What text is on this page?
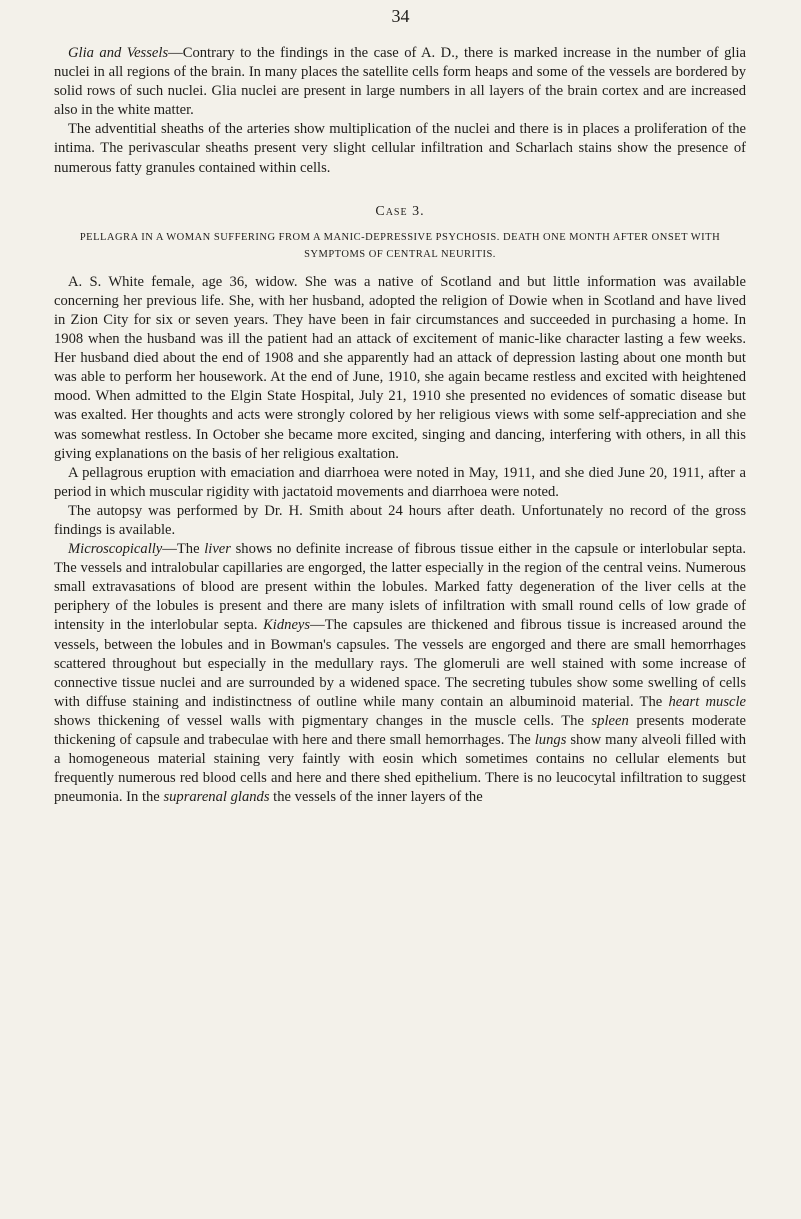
34

Glia and Vessels—Contrary to the findings in the case of A. D., there is marked increase in the number of glia nuclei in all regions of the brain. In many places the satellite cells form heaps and some of the vessels are bordered by solid rows of such nuclei. Glia nuclei are present in large numbers in all layers of the brain cortex and are increased also in the white matter.

The adventitial sheaths of the arteries show multiplication of the nuclei and there is in places a proliferation of the intima. The perivascular sheaths present very slight cellular infiltration and Scharlach stains show the presence of numerous fatty granules contained within cells.

Case 3.
PELLAGRA IN A WOMAN SUFFERING FROM A MANIC-DEPRESSIVE PSYCHOSIS. DEATH ONE MONTH AFTER ONSET WITH SYMPTOMS OF CENTRAL NEURITIS.

A. S. White female, age 36, widow. She was a native of Scotland and but little information was available concerning her previous life. She, with her husband, adopted the religion of Dowie when in Scotland and have lived in Zion City for six or seven years. They have been in fair circumstances and succeeded in purchasing a home. In 1908 when the husband was ill the patient had an attack of excitement of manic-like character lasting a few weeks. Her husband died about the end of 1908 and she apparently had an attack of depression lasting about one month but was able to perform her housework. At the end of June, 1910, she again became restless and excited with heightened mood. When admitted to the Elgin State Hospital, July 21, 1910 she presented no evidences of somatic disease but was exalted. Her thoughts and acts were strongly colored by her religious views with some self-appreciation and she was somewhat restless. In October she became more excited, singing and dancing, interfering with others, in all this giving explanations on the basis of her religious exaltation.

A pellagrous eruption with emaciation and diarrhoea were noted in May, 1911, and she died June 20, 1911, after a period in which muscular rigidity with jactatoid movements and diarrhoea were noted.

The autopsy was performed by Dr. H. Smith about 24 hours after death. Unfortunately no record of the gross findings is available.

Microscopically—The liver shows no definite increase of fibrous tissue either in the capsule or interlobular septa. The vessels and intralobular capillaries are engorged, the latter especially in the region of the central veins. Numerous small extravasations of blood are present within the lobules. Marked fatty degeneration of the liver cells at the periphery of the lobules is present and there are many islets of infiltration with small round cells of low grade of intensity in the interlobular septa. Kidneys—The capsules are thickened and fibrous tissue is increased around the vessels, between the lobules and in Bowman's capsules. The vessels are engorged and there are small hemorrhages scattered throughout but especially in the medullary rays. The glomeruli are well stained with some increase of connective tissue nuclei and are surrounded by a widened space. The secreting tubules show some swelling of cells with diffuse staining and indistinctness of outline while many contain an albuminoid material. The heart muscle shows thickening of vessel walls with pigmentary changes in the muscle cells. The spleen presents moderate thickening of capsule and trabeculae with here and there small hemorrhages. The lungs show many alveoli filled with a homogeneous material staining very faintly with eosin which sometimes contains no cellular elements but frequently numerous red blood cells and here and there shed epithelium. There is no leucocytal infiltration to suggest pneumonia. In the suprarenal glands the vessels of the inner layers of the
